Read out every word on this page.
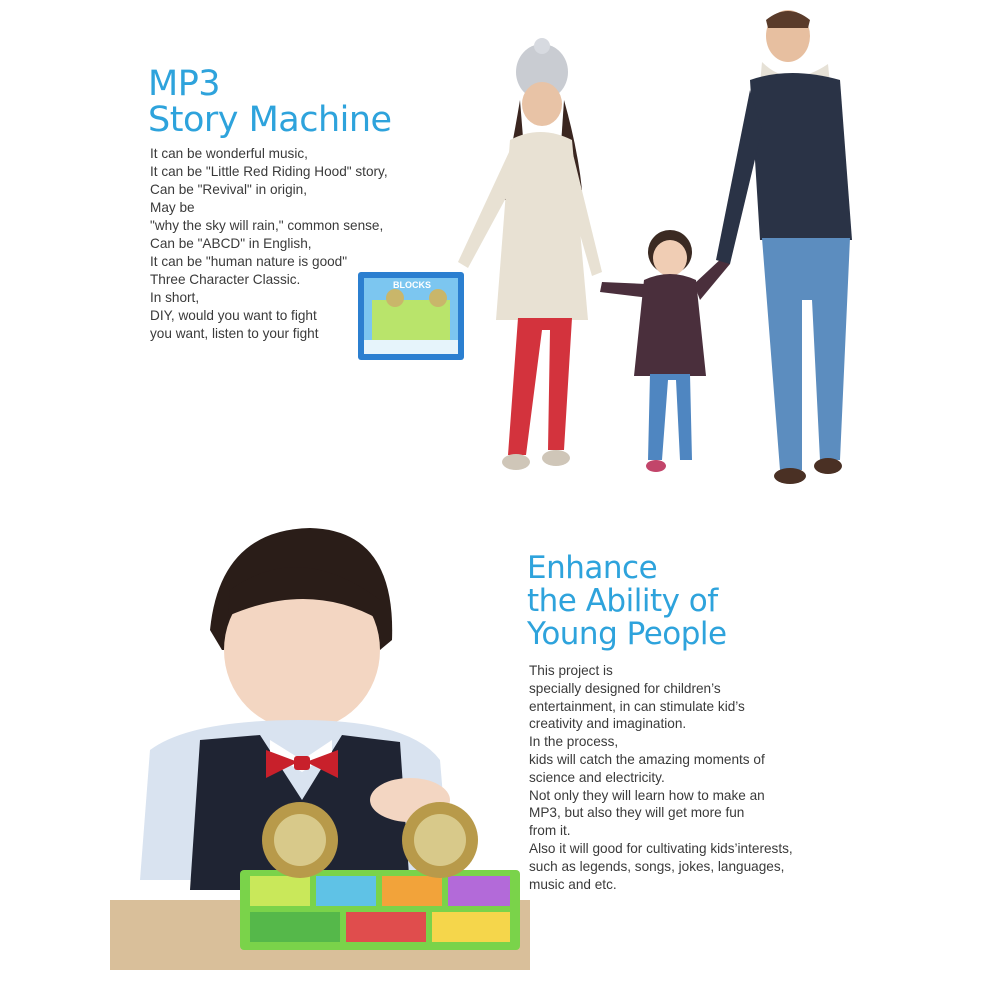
MP3
Story Machine
It can be wonderful music,
It can be "Little Red Riding Hood" story,
Can be "Revival" in origin,
May be
"why the sky will rain," common sense,
Can be "ABCD" in English,
It can be "human nature is good"
Three Character Classic.
In short,
DIY, would you want to fight
you want, listen to your fight
BLOCKS
Enhance
the Ability of
Young People
This project is
specially designed for children’s
entertainment, in can stimulate kid’s
creativity and imagination.
In the process,
kids will catch the amazing moments of
science and electricity.
Not only they will learn how to make an
MP3, but also they will get more fun
from it.
Also it will good for cultivating kids’interests,
such as legends, songs, jokes, languages,
music and etc.
